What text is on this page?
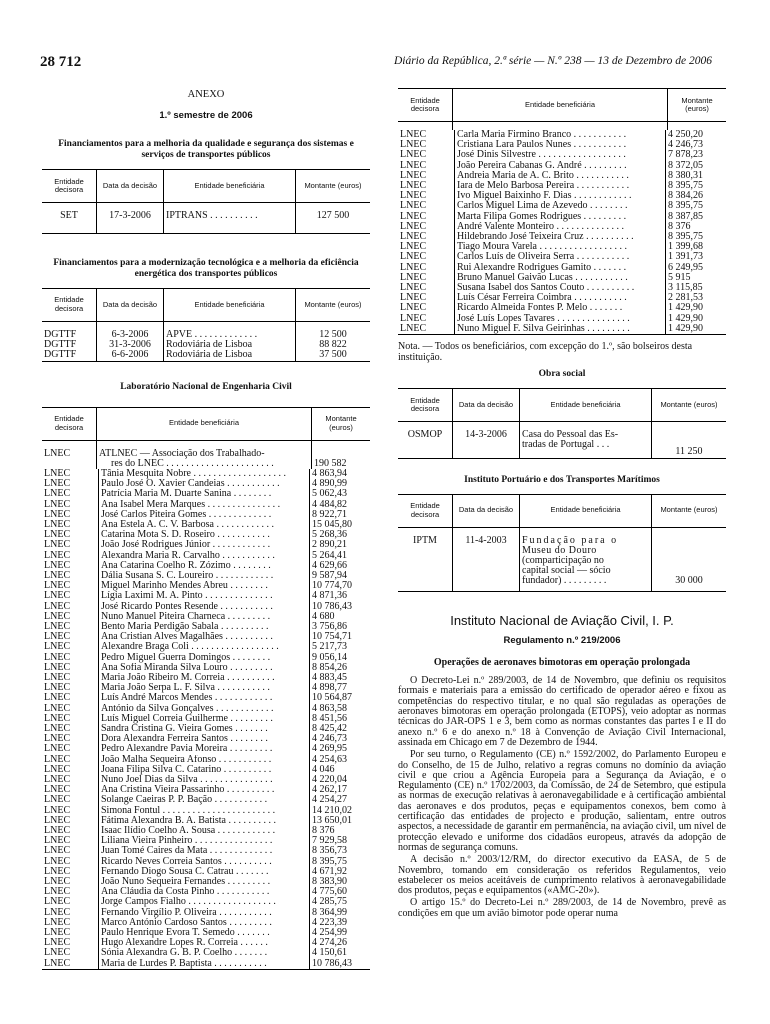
28 712	Diário da República, 2.ª série — N.º 238 — 13 de Dezembro de 2006
ANEXO
1.º semestre de 2006
Financiamentos para a melhoria da qualidade e segurança dos sistemas e serviços de transportes públicos
Entidade decisora	Data da decisão	Entidade beneficiária	Montante (euros)

SET	17-3-2006	IPTRANS . . . . . . . . . .	127 500
Financiamentos para a modernização tecnológica e a melhoria da eficiência energética dos transportes públicos
Entidade decisora	Data da decisão	Entidade beneficiária	Montante (euros)

DGTTF	6-3-2006	APVE . . . . . . . . . . . . .	12 500
DGTTF	31-3-2006	Rodoviária de Lisboa	88 822
DGTTF	6-6-2006	Rodoviária de Lisboa	37 500
Laboratório Nacional de Engenharia Civil
Entidade decisora	Entidade beneficiária	Montante (euros)

LNEC	ATLNEC — Associação dos Trabalhado-
res do LNEC . . . . . . . . . . . . . . . . . . . . . .	190 582
LNEC	Tânia Mesquita Nobre . . . . . . . . . . . . . . . . . . .	4 863,94
LNEC	Paulo José O. Xavier Candeias . . . . . . . . . . .	4 890,99
LNEC	Patrícia Maria M. Duarte Sanina . . . . . . . .	5 062,43
LNEC	Ana Isabel Mera Marques . . . . . . . . . . . . . . .	4 484,82
LNEC	José Carlos Piteira Gomes . . . . . . . . . . . . .	8 922,71
LNEC	Ana Estela A. C. V. Barbosa . . . . . . . . . . . .	15 045,80
LNEC	Catarina Mota S. D. Roseiro . . . . . . . . . . .	5 268,36
LNEC	João José Rodrigues Júnior . . . . . . . . . . . .	2 890,21
LNEC	Alexandra Maria R. Carvalho . . . . . . . . . . .	5 264,41
LNEC	Ana Catarina Coelho R. Zózimo . . . . . . . .	4 629,66
LNEC	Dália Susana S. C. Loureiro . . . . . . . . . . . .	9 587,94
LNEC	Miguel Marinho Mendes Abreu . . . . . . . .	10 774,70
LNEC	Lígia Laximi M. A. Pinto . . . . . . . . . . . . . .	4 871,36
LNEC	José Ricardo Pontes Resende . . . . . . . . . . .	10 786,43
LNEC	Nuno Manuel Piteira Charneca . . . . . . . . .	4 680
LNEC	Bento Maria Perdigão Sabala . . . . . . . . . .	3 756,86
LNEC	Ana Cristian Alves Magalhães . . . . . . . . . .	10 754,71
LNEC	Alexandre Braga Coli . . . . . . . . . . . . . . . . . .	5 217,73
LNEC	Pedro Miguel Guerra Domingos . . . . . . . .	9 056,14
LNEC	Ana Sofia Miranda Silva Louro . . . . . . . . .	8 854,26
LNEC	Maria João Ribeiro M. Correia . . . . . . . . . .	4 883,45
LNEC	Maria João Serpa L. F. Silva . . . . . . . . . . .	4 898,77
LNEC	Luís André Marcos Mendes . . . . . . . . . . . .	10 564,87
LNEC	António da Silva Gonçalves . . . . . . . . . . . .	4 863,58
LNEC	Luís Miguel Correia Guilherme . . . . . . . . .	8 451,56
LNEC	Sandra Cristina G. Vieira Gomes . . . . . . .	8 425,42
LNEC	Dora Alexandra Ferreira Santos . . . . . . . .	4 246,73
LNEC	Pedro Alexandre Pavia Moreira . . . . . . . . .	4 269,95
LNEC	João Malha Sequeira Afonso . . . . . . . . . . .	4 254,63
LNEC	Joana Filipa Silva C. Catarino . . . . . . . . . .	4 046
LNEC	Nuno Joel Dias da Silva . . . . . . . . . . . . . . .	4 220,04
LNEC	Ana Cristina Vieira Passarinho . . . . . . . . . .	4 262,17
LNEC	Solange Caeiras P. P. Bação . . . . . . . . . . .	4 254,27
LNEC	Simona Fontul . . . . . . . . . . . . . . . . . . . . . . .	14 210,02
LNEC	Fátima Alexandra B. A. Batista . . . . . . . . . .	13 650,01
LNEC	Isaac Ilídio Coelho A. Sousa . . . . . . . . . . . .	8 376
LNEC	Liliana Vieira Pinheiro . . . . . . . . . . . . . . . .	7 929,58
LNEC	Juan Tomé Caires da Mata . . . . . . . . . . . . .	8 356,73
LNEC	Ricardo Neves Correia Santos . . . . . . . . . .	8 395,75
LNEC	Fernando Diogo Sousa C. Catrau . . . . . . .	4 671,92
LNEC	João Nuno Sequeira Fernandes . . . . . . . . .	8 383,90
LNEC	Ana Cláudia da Costa Pinho . . . . . . . . . . .	4 775,60
LNEC	Jorge Campos Fialho . . . . . . . . . . . . . . . . . .	4 285,75
LNEC	Fernando Virgílio P. Oliveira . . . . . . . . . . .	8 364,99
LNEC	Marco António Cardoso Santos . . . . . . . . .	4 223,39
LNEC	Paulo Henrique Évora T. Semedo . . . . . . .	4 254,99
LNEC	Hugo Alexandre Lopes R. Correia . . . . . .	4 274,26
LNEC	Sónia Alexandra G. B. P. Coelho . . . . . . .	4 150,61
LNEC	Maria de Lurdes P. Baptista . . . . . . . . . . .	10 786,43
Entidade decisora	Entidade beneficiária	Montante (euros)

LNEC	Carla Maria Firmino Branco . . . . . . . . . . .	4 250,20
LNEC	Cristiana Lara Paulos Nunes . . . . . . . . . . .	4 246,73
LNEC	José Dinis Silvestre . . . . . . . . . . . . . . . . . .	7 878,23
LNEC	João Pereira Cabanas G. André . . . . . . . . .	8 372,05
LNEC	Andreia Maria de A. C. Brito . . . . . . . . . . .	8 380,31
LNEC	Iara de Melo Barbosa Pereira . . . . . . . . . . .	8 395,75
LNEC	Ivo Miguel Baixinho F. Dias . . . . . . . . . . . .	8 384,26
LNEC	Carlos Miguel Lima de Azevedo . . . . . . . .	8 395,75
LNEC	Marta Filipa Gomes Rodrigues . . . . . . . . .	8 387,85
LNEC	André Valente Monteiro . . . . . . . . . . . . . .	8 376
LNEC	Hildebrando José Teixeira Cruz . . . . . . . . . .	8 395,75
LNEC	Tiago Moura Varela . . . . . . . . . . . . . . . . . .	1 399,68
LNEC	Carlos Luís de Oliveira Serra . . . . . . . . . . .	1 391,73
LNEC	Rui Alexandre Rodrigues Gamito . . . . . . .	6 249,95
LNEC	Bruno Manuel Gaivão Lucas . . . . . . . . . . .	5 915
LNEC	Susana Isabel dos Santos Couto . . . . . . . . . .	3 115,85
LNEC	Luís César Ferreira Coimbra . . . . . . . . . . .	2 281,53
LNEC	Ricardo Almeida Fontes P. Melo . . . . . . .	1 429,90
LNEC	José Luís Lopes Tavares . . . . . . . . . . . . . . .	1 429,90
LNEC	Nuno Miguel F. Silva Geirinhas . . . . . . . . .	1 429,90
Nota. — Todos os beneficiários, com excepção do 1.º, são bolseiros desta instituição.
Obra social
Entidade decisora	Data da decisão	Entidade beneficiária	Montante (euros)

OSMOP	14-3-2006	Casa do Pessoal das Es-
tradas de Portugal . . .	11 250
Instituto Portuário e dos Transportes Marítimos
Entidade decisora	Data da decisão	Entidade beneficiária	Montante (euros)

IPTM	11-4-2003	Fundação para o
Museu do Douro
(comparticipação no
capital social — sócio
fundador) . . . . . . . . .	30 000
Instituto Nacional de Aviação Civil, I. P.
Regulamento n.º 219/2006
Operações de aeronaves bimotoras em operação prolongada

O Decreto-Lei n.º 289/2003, de 14 de Novembro, que definiu os requisitos formais e materiais para a emissão do certificado de operador aéreo e fixou as competências do respectivo titular, e no qual são reguladas as operações de aeronaves bimotoras em operação prolongada (ETOPS), veio adoptar as normas técnicas do JAR-OPS 1 e 3, bem como as normas constantes das partes I e II do anexo n.º 6 e do anexo n.º 18 à Convenção de Aviação Civil Internacional, assinada em Chicago em 7 de Dezembro de 1944.

Por seu turno, o Regulamento (CE) n.º 1592/2002, do Parlamento Europeu e do Conselho, de 15 de Julho, relativo a regras comuns no domínio da aviação civil e que criou a Agência Europeia para a Segurança da Aviação, e o Regulamento (CE) n.º 1702/2003, da Comissão, de 24 de Setembro, que estipula as normas de execução relativas à aeronavegabilidade e à certificação ambiental das aeronaves e dos produtos, peças e equipamentos conexos, bem como à certificação das entidades de projecto e produção, salientam, entre outros aspectos, a necessidade de garantir em permanência, na aviação civil, um nível de protecção elevado e uniforme dos cidadãos europeus, através da adopção de normas de segurança comuns.

A decisão n.º 2003/12/RM, do director executivo da EASA, de 5 de Novembro, tomando em consideração os referidos Regulamentos, veio estabelecer os meios aceitáveis de cumprimento relativos à aeronavegabilidade dos produtos, peças e equipamentos («AMC-20»).

O artigo 15.º do Decreto-Lei n.º 289/2003, de 14 de Novembro, prevê as condições em que um avião bimotor pode operar numa
